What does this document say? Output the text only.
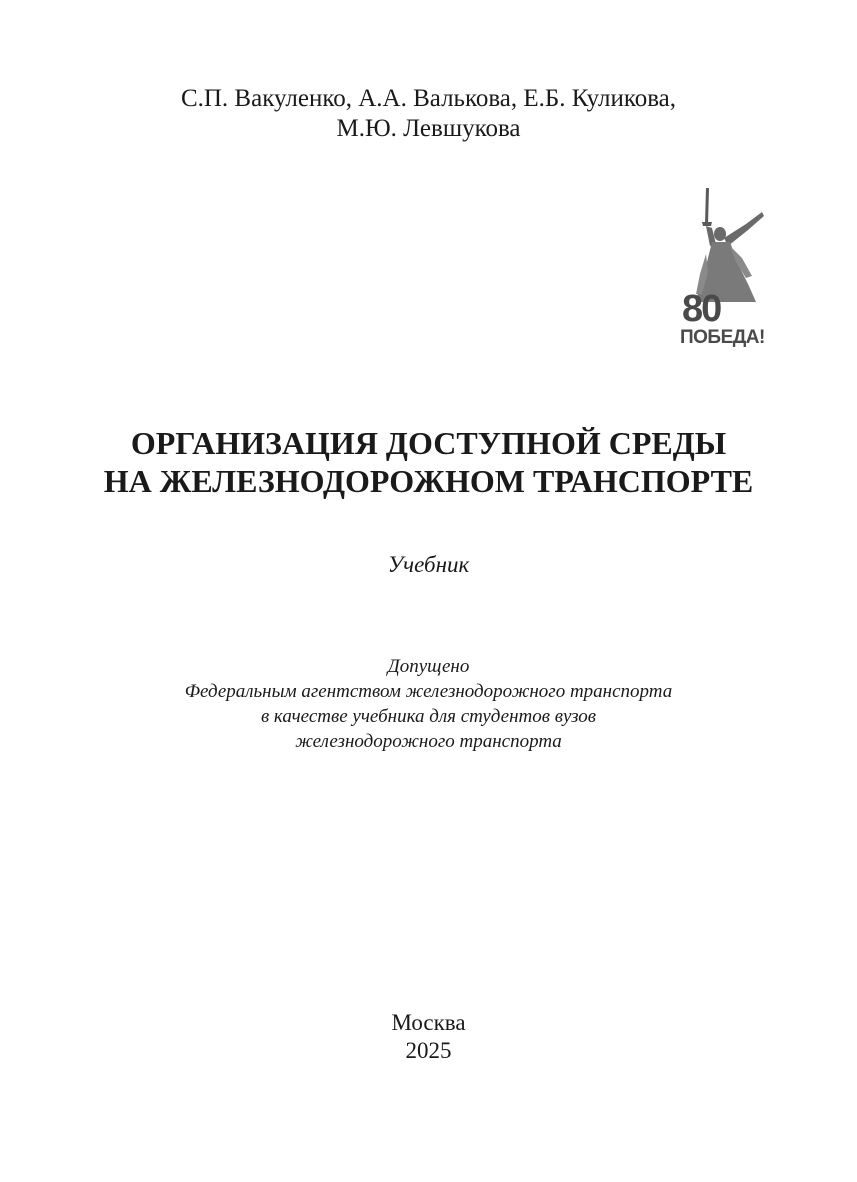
С.П. Вакуленко, А.А. Валькова, Е.Б. Куликова,
М.Ю. Левшукова
80
ПОБЕДА!
ОРГАНИЗАЦИЯ ДОСТУПНОЙ СРЕДЫ
НА ЖЕЛЕЗНОДОРОЖНОМ ТРАНСПОРТЕ
Учебник
Допущено
Федеральным агентством железнодорожного транспорта
в качестве учебника для студентов вузов
железнодорожного транспорта
Москва
2025
